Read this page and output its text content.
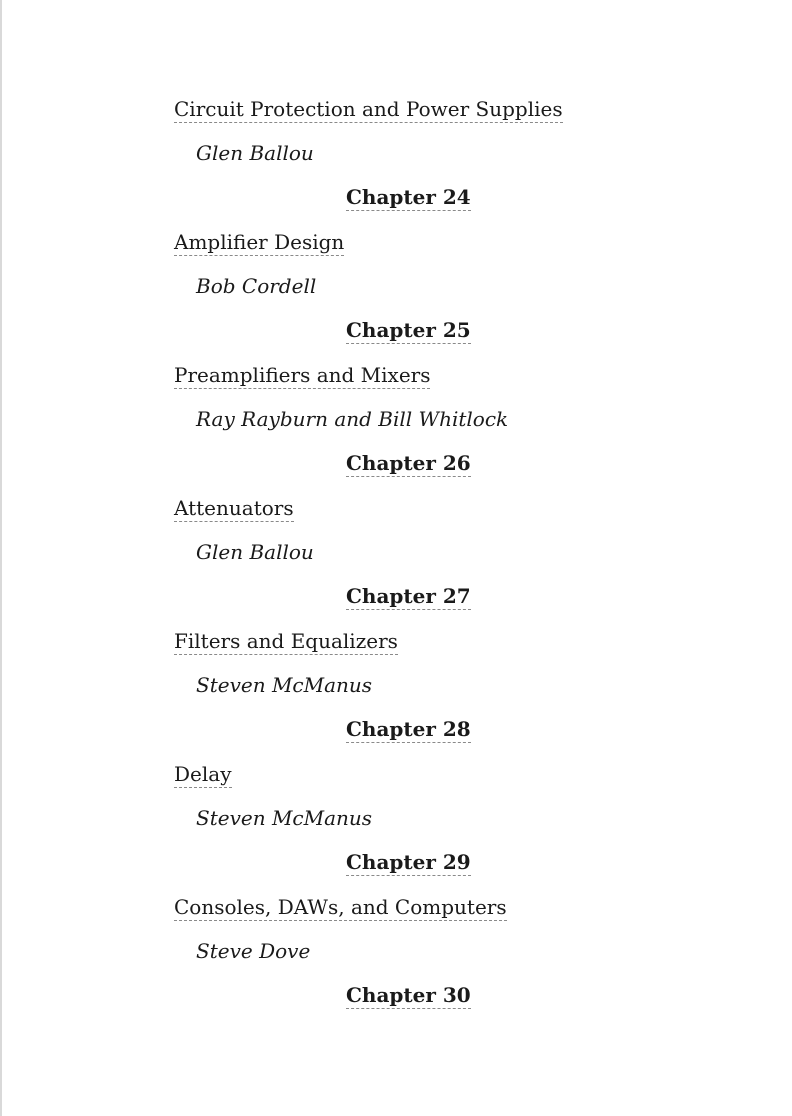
Circuit Protection and Power Supplies
Glen Ballou
Chapter 24
Amplifier Design
Bob Cordell
Chapter 25
Preamplifiers and Mixers
Ray Rayburn and Bill Whitlock
Chapter 26
Attenuators
Glen Ballou
Chapter 27
Filters and Equalizers
Steven McManus
Chapter 28
Delay
Steven McManus
Chapter 29
Consoles, DAWs, and Computers
Steve Dove
Chapter 30
